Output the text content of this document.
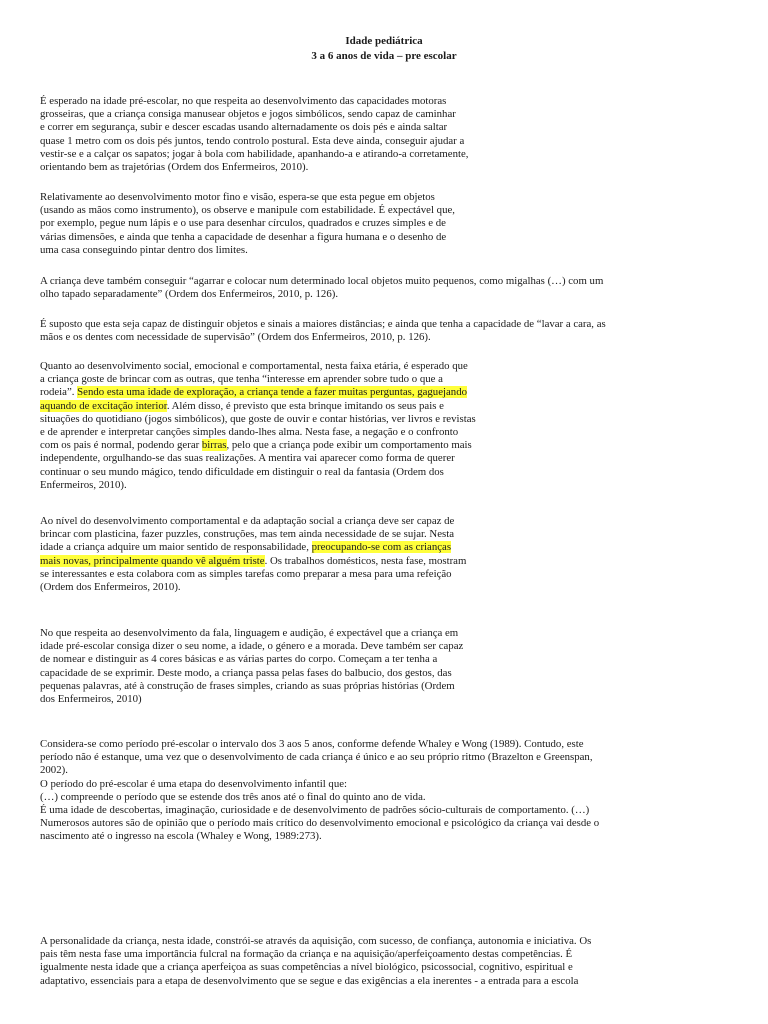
Idade pediátrica
3 a 6 anos de vida – pre escolar
É esperado na idade pré-escolar, no que respeita ao desenvolvimento das capacidades motoras
grosseiras, que a criança consiga manusear objetos e jogos simbólicos, sendo capaz de caminhar
e correr em segurança, subir e descer escadas usando alternadamente os dois pés e ainda saltar
quase 1 metro com os dois pés juntos, tendo controlo postural. Esta deve ainda, conseguir ajudar a
vestir-se e a calçar os sapatos; jogar à bola com habilidade, apanhando-a e atirando-a corretamente,
orientando bem as trajetórias (Ordem dos Enfermeiros, 2010).
Relativamente ao desenvolvimento motor fino e visão, espera-se que esta pegue em objetos
(usando as mãos como instrumento), os observe e manipule com estabilidade. É expectável que,
por exemplo, pegue num lápis e o use para desenhar círculos, quadrados e cruzes simples e de
várias dimensões, e ainda que tenha a capacidade de desenhar a figura humana e o desenho de
uma casa conseguindo pintar dentro dos limites.
A criança deve também conseguir “agarrar e colocar num determinado local objetos muito pequenos, como migalhas (…) com um
olho tapado separadamente” (Ordem dos Enfermeiros, 2010, p. 126).
É suposto que esta seja capaz de distinguir objetos e sinais a maiores distâncias; e ainda que tenha a capacidade de “lavar a cara, as
mãos e os dentes com necessidade de supervisão” (Ordem dos Enfermeiros, 2010, p. 126).
Quanto ao desenvolvimento social, emocional e comportamental, nesta faixa etária, é esperado que
a criança goste de brincar com as outras, que tenha “interesse em aprender sobre tudo o que a
rodeia”. Sendo esta uma idade de exploração, a criança tende a fazer muitas perguntas, gaguejando
aquando de excitação interior. Além disso, é previsto que esta brinque imitando os seus pais e
situações do quotidiano (jogos simbólicos), que goste de ouvir e contar histórias, ver livros e revistas
e de aprender e interpretar canções simples dando-lhes alma. Nesta fase, a negação e o confronto
com os pais é normal, podendo gerar birras, pelo que a criança pode exibir um comportamento mais
independente, orgulhando-se das suas realizações. A mentira vai aparecer como forma de querer
continuar o seu mundo mágico, tendo dificuldade em distinguir o real da fantasia (Ordem dos
Enfermeiros, 2010).
Ao nível do desenvolvimento comportamental e da adaptação social a criança deve ser capaz de
brincar com plasticina, fazer puzzles, construções, mas tem ainda necessidade de se sujar. Nesta
idade a criança adquire um maior sentido de responsabilidade, preocupando-se com as crianças
mais novas, principalmente quando vê alguém triste. Os trabalhos domésticos, nesta fase, mostram
se interessantes e esta colabora com as simples tarefas como preparar a mesa para uma refeição
(Ordem dos Enfermeiros, 2010).
No que respeita ao desenvolvimento da fala, linguagem e audição, é expectável que a criança em
idade pré-escolar consiga dizer o seu nome, a idade, o género e a morada. Deve também ser capaz
de nomear e distinguir as 4 cores básicas e as várias partes do corpo. Começam a ter tenha a
capacidade de se exprimir. Deste modo, a criança passa pelas fases do balbucio, dos gestos, das
pequenas palavras, até à construção de frases simples, criando as suas próprias histórias (Ordem
dos Enfermeiros, 2010)
Considera-se como período pré-escolar o intervalo dos 3 aos 5 anos, conforme defende Whaley e Wong (1989). Contudo, este
período não é estanque, uma vez que o desenvolvimento de cada criança é único e ao seu próprio ritmo (Brazelton e Greenspan,
2002).
O período do pré-escolar é uma etapa do desenvolvimento infantil que:
(…) compreende o período que se estende dos três anos até o final do quinto ano de vida.
É uma idade de descobertas, imaginação, curiosidade e de desenvolvimento de padrões sócio-culturais de comportamento. (…)
Numerosos autores são de opinião que o período mais crítico do desenvolvimento emocional e psicológico da criança vai desde o
nascimento até o ingresso na escola (Whaley e Wong, 1989:273).
A personalidade da criança, nesta idade, constrói-se através da aquisição, com sucesso, de confiança, autonomia e iniciativa. Os
pais têm nesta fase uma importância fulcral na formação da criança e na aquisição/aperfeiçoamento destas competências. É
igualmente nesta idade que a criança aperfeiçoa as suas competências a nível biológico, psicossocial, cognitivo, espiritual e
adaptativo, essenciais para a etapa de desenvolvimento que se segue e das exigências a ela inerentes - a entrada para a escola
